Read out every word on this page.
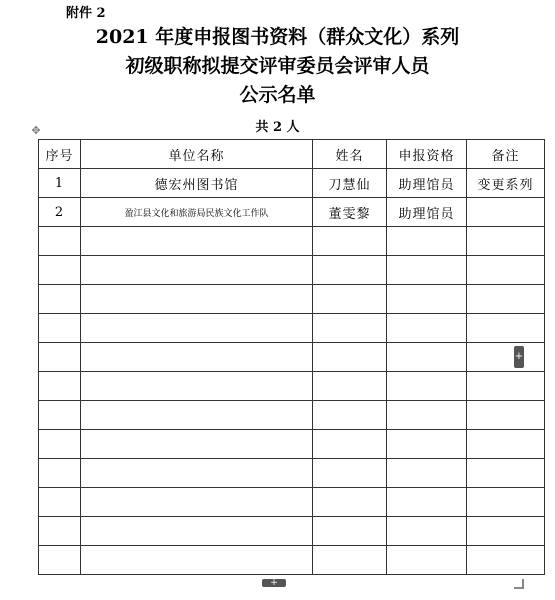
附件 2
2021 年度申报图书资料（群众文化）系列
初级职称拟提交评审委员会评审人员
公示名单
共 2 人
✥
序号	单位名称	姓名	申报资格	备注
1	德宏州图书馆	刀慧仙	助理馆员	变更系列
2	盈江县文化和旅游局民族文化工作队	董雯黎	助理馆员	

+
+
